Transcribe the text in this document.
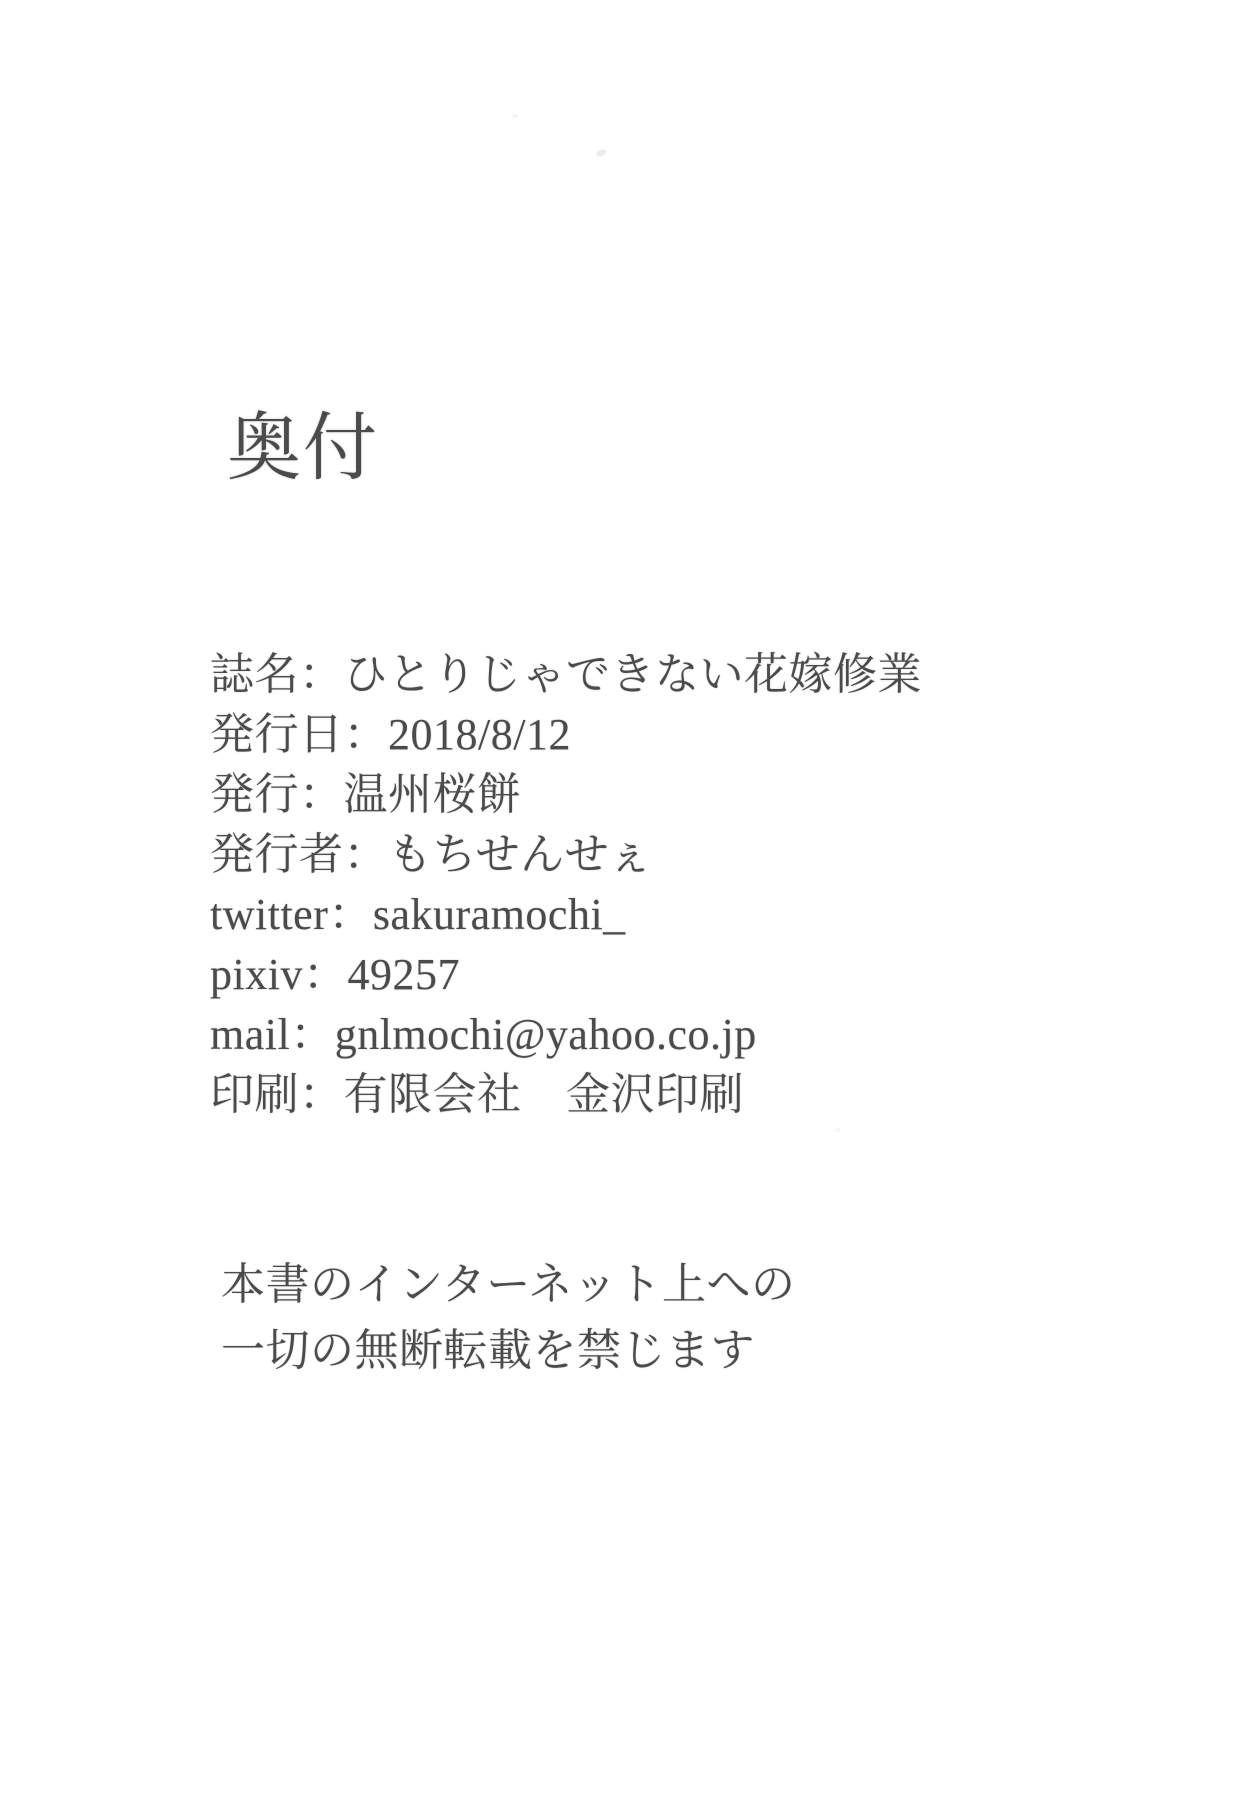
奥付

誌名：ひとりじゃできない花嫁修業

発行日：2018/8/12

発行：温州桜餅

発行者：もちせんせぇ

twitter：sakuramochi_

pixiv：49257

mail：gnlmochi@yahoo.co.jp

印刷：有限会社　金沢印刷

本書のインターネット上への

一切の無断転載を禁じます
